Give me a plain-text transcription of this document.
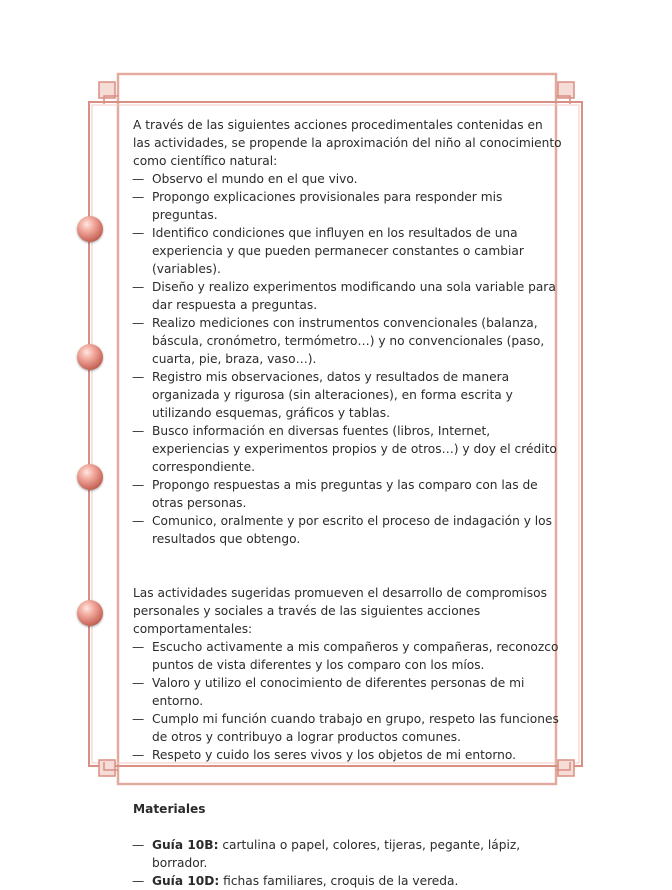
A través de las siguientes acciones procedimentales contenidas en las actividades, se propende la aproximación del niño al conocimiento como científico natural:

— Observo el mundo en el que vivo.
— Propongo explicaciones provisionales para responder mis preguntas.
— Identifico condiciones que influyen en los resultados de una experiencia y que pueden permanecer constantes o cambiar (variables).
— Diseño y realizo experimentos modificando una sola variable para dar respuesta a preguntas.
— Realizo mediciones con instrumentos convencionales (balanza, báscula, cronómetro, termómetro…) y no convencionales (paso, cuarta, pie, braza, vaso…).
— Registro mis observaciones, datos y resultados de manera organizada y rigurosa (sin alteraciones), en forma escrita y utilizando esquemas, gráficos y tablas.
— Busco información en diversas fuentes (libros, Internet, experiencias y experimentos propios y de otros…) y doy el crédito correspondiente.
— Propongo respuestas a mis preguntas y las comparo con las de otras personas.
— Comunico, oralmente y por escrito el proceso de indagación y los resultados que obtengo.

Las actividades sugeridas promueven el desarrollo de compromisos personales y sociales a través de las siguientes acciones comportamentales:

— Escucho activamente a mis compañeros y compañeras, reconozco puntos de vista diferentes y los comparo con los míos.
— Valoro y utilizo el conocimiento de diferentes personas de mi entorno.
— Cumplo mi función cuando trabajo en grupo, respeto las funciones de otros y contribuyo a lograr productos comunes.
— Respeto y cuido los seres vivos y los objetos de mi entorno.

Materiales

— Guía 10B: cartulina o papel, colores, tijeras, pegante, lápiz, borrador.
— Guía 10D: fichas familiares, croquis de la vereda.
